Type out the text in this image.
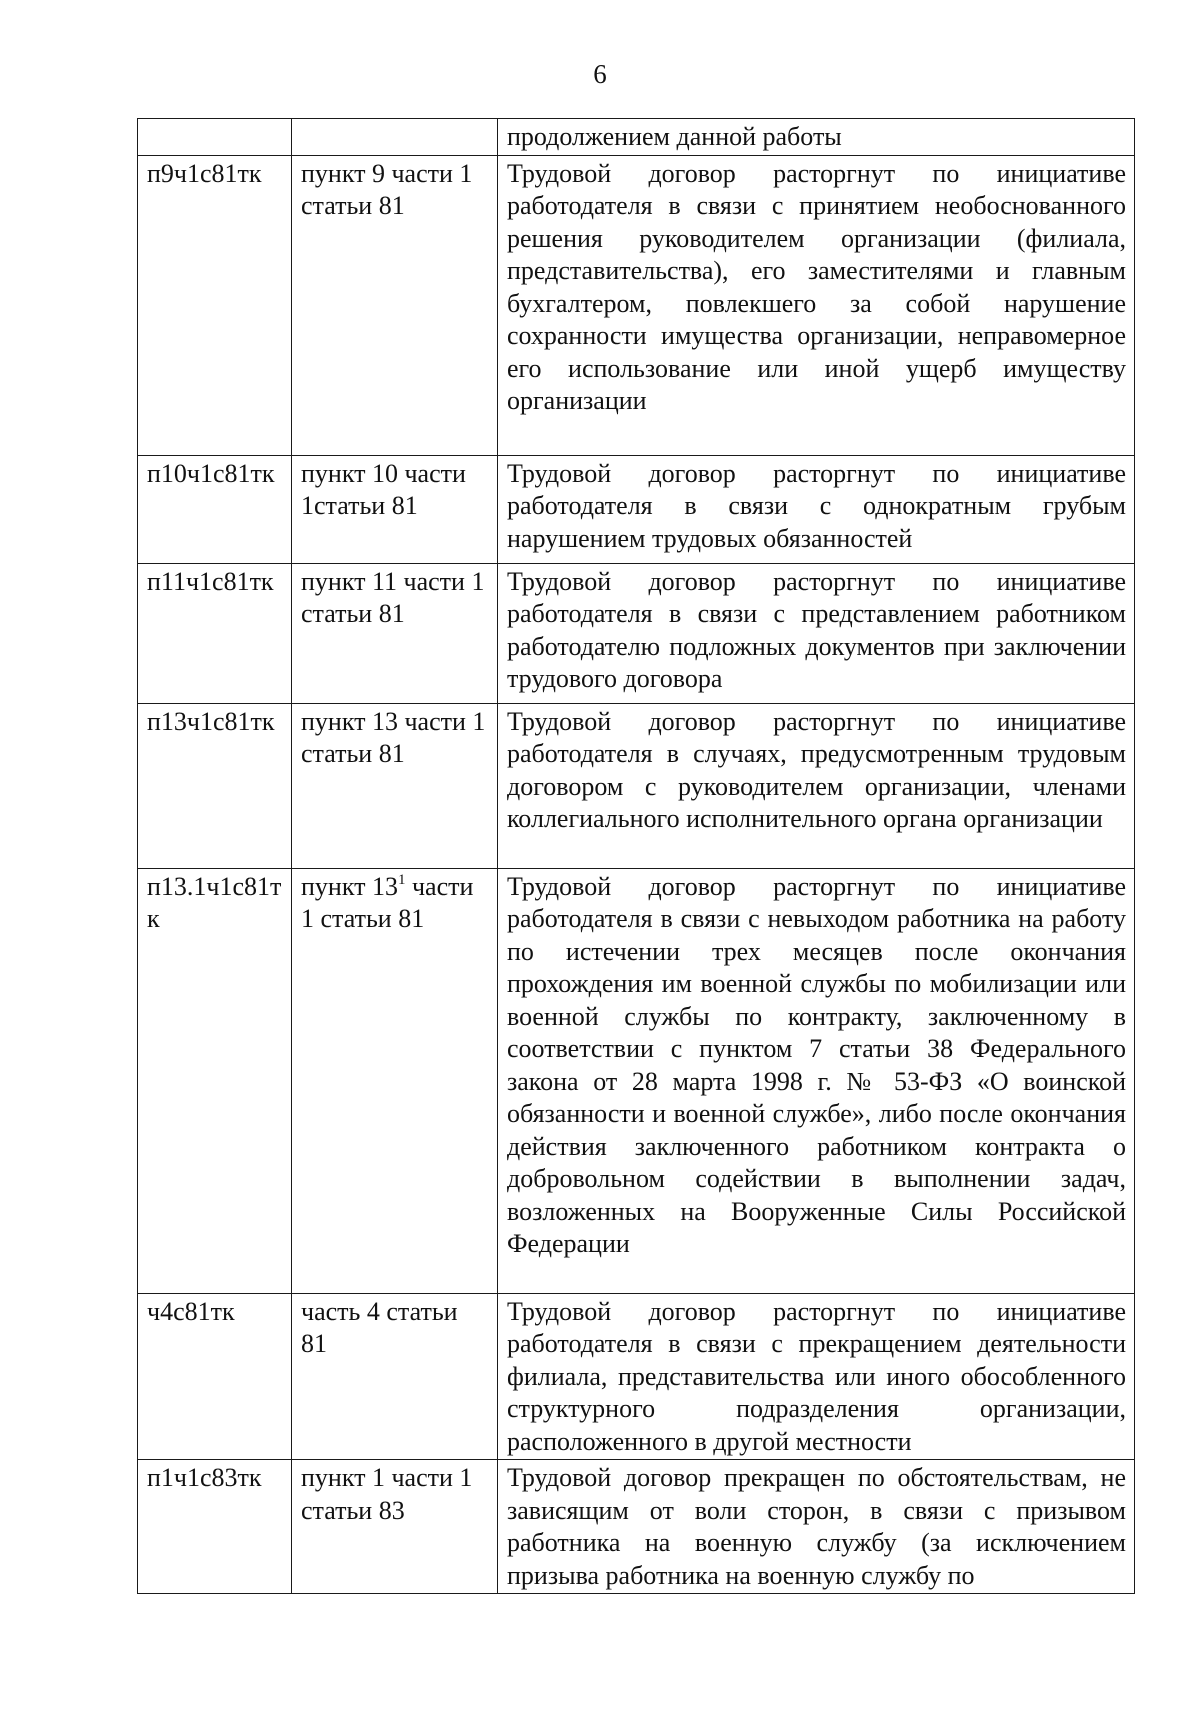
6
		продолжением данной работы
п9ч1с81тк	пункт 9 части 1 статьи 81	Трудовой договор расторгнут по инициативе работодателя в связи с принятием необоснованного решения руководителем организации (филиала, представительства), его заместителями и главным бухгалтером, повлекшего за собой нарушение сохранности имущества организации, неправомерное его использование или иной ущерб имуществу организации
п10ч1с81тк	пункт 10 части 1статьи 81	Трудовой договор расторгнут по инициативе работодателя в связи с однократным грубым нарушением трудовых обязанностей
п11ч1с81тк	пункт 11 части 1 статьи 81	Трудовой договор расторгнут по инициативе работодателя в связи с представлением работником работодателю подложных документов при заключении трудового договора
п13ч1с81тк	пункт 13 части 1 статьи 81	Трудовой договор расторгнут по инициативе работодателя в случаях, предусмотренным трудовым договором с руководителем организации, членами коллегиального исполнительного органа организации
п13.1ч1с81тк	пункт $13^1$ части 1 статьи 81	Трудовой договор расторгнут по инициативе работодателя в связи с невыходом работника на работу по истечении трех месяцев после окончания прохождения им военной службы по мобилизации или военной службы по контракту, заключенному в соответствии с пунктом 7 статьи 38 Федерального закона от 28 марта 1998 г. № 53-ФЗ «О воинской обязанности и военной службе», либо после окончания действия заключенного работником контракта о добровольном содействии в выполнении задач, возложенных на Вооруженные Силы Российской Федерации
ч4с81тк	часть 4 статьи 81	Трудовой договор расторгнут по инициативе работодателя в связи с прекращением деятельности филиала, представительства или иного обособленного структурного подразделения организации, расположенного в другой местности
п1ч1с83тк	пункт 1 части 1 статьи 83	Трудовой договор прекращен по обстоятельствам, не зависящим от воли сторон, в связи с призывом работника на военную службу (за исключением призыва работника на военную службу по
